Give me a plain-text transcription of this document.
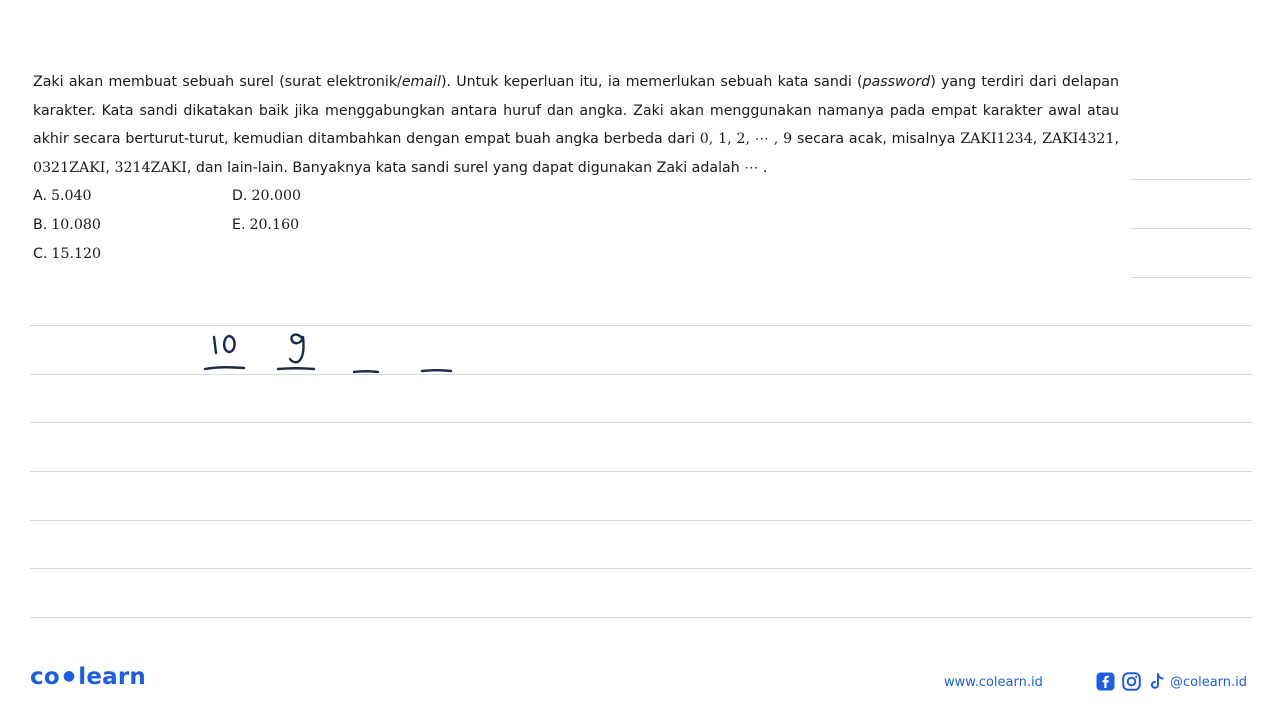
Zaki akan membuat sebuah surel (surat elektronik/email). Untuk keperluan itu, ia memerlukan sebuah kata sandi (password) yang terdiri dari delapan karakter. Kata sandi dikatakan baik jika menggabungkan antara huruf dan angka. Zaki akan menggunakan namanya pada empat karakter awal atau akhir secara berturut-turut, kemudian ditambahkan dengan empat buah angka berbeda dari 0, 1, 2, ⋯ , 9 secara acak, misalnya ZAKI1234, ZAKI4321, 0321ZAKI, 3214ZAKI, dan lain-lain. Banyaknya kata sandi surel yang dapat digunakan Zaki adalah ⋯ .

A. 5.040
B. 10.080
C. 15.120
D. 20.000
E. 20.160
co ● learn	www.colearn.id	@colearn.id
